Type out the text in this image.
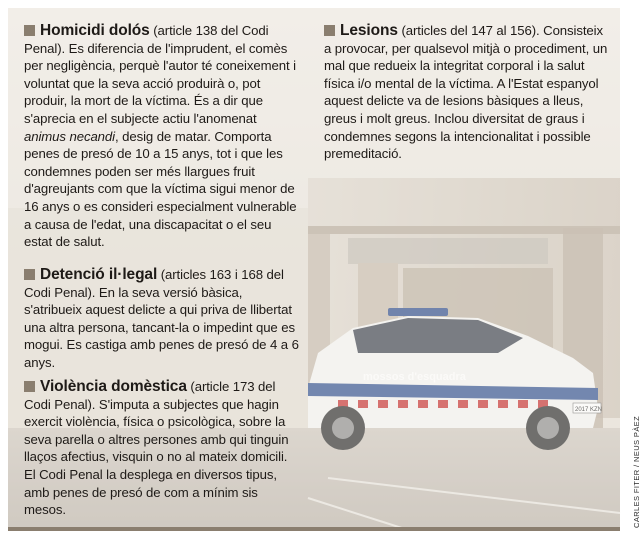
mossos d'esquadra
2017 KZN
Homicidi dolós (article 138 del Codi Penal). Es diferencia de l'imprudent, el comès per negligència, perquè l'autor té coneixement i voluntat que la seva acció produirà o, pot produir, la mort de la víctima. És a dir que s'aprecia en el subjecte actiu l'anomenat animus necandi, desig de matar. Comporta penes de presó de 10 a 15 anys, tot i que les condemnes poden ser més llargues fruit d'agreujants com que la víctima sigui menor de 16 anys o es consideri especialment vulnerable a causa de l'edat, una discapacitat o el seu estat de salut.
Detenció il·legal (articles 163 i 168 del Codi Penal). En la seva versió bàsica, s'atribueix aquest delicte a qui priva de llibertat una altra persona, tancant-la o impedint que es mogui. Es castiga amb penes de presó de 4 a 6 anys.
Violència domèstica (article 173 del Codi Penal). S'imputa a subjectes que hagin exercit violència, física o psicològica, sobre la seva parella o altres persones amb qui tinguin llaços afectius, visquin o no al mateix domicili. El Codi Penal la desplega en diversos tipus, amb penes de presó de com a mínim sis mesos.
Lesions (articles del 147 al 156). Consisteix a provocar, per qualsevol mitjà o procediment, un mal que redueix la integritat corporal i la salut física i/o mental de la víctima. A l'Estat espanyol aquest delicte va de lesions bàsiques a lleus, greus i molt greus. Inclou diversitat de graus i condemnes segons la intencionalitat i possible premeditació.
CARLES FITER / NEUS PÀEZ
